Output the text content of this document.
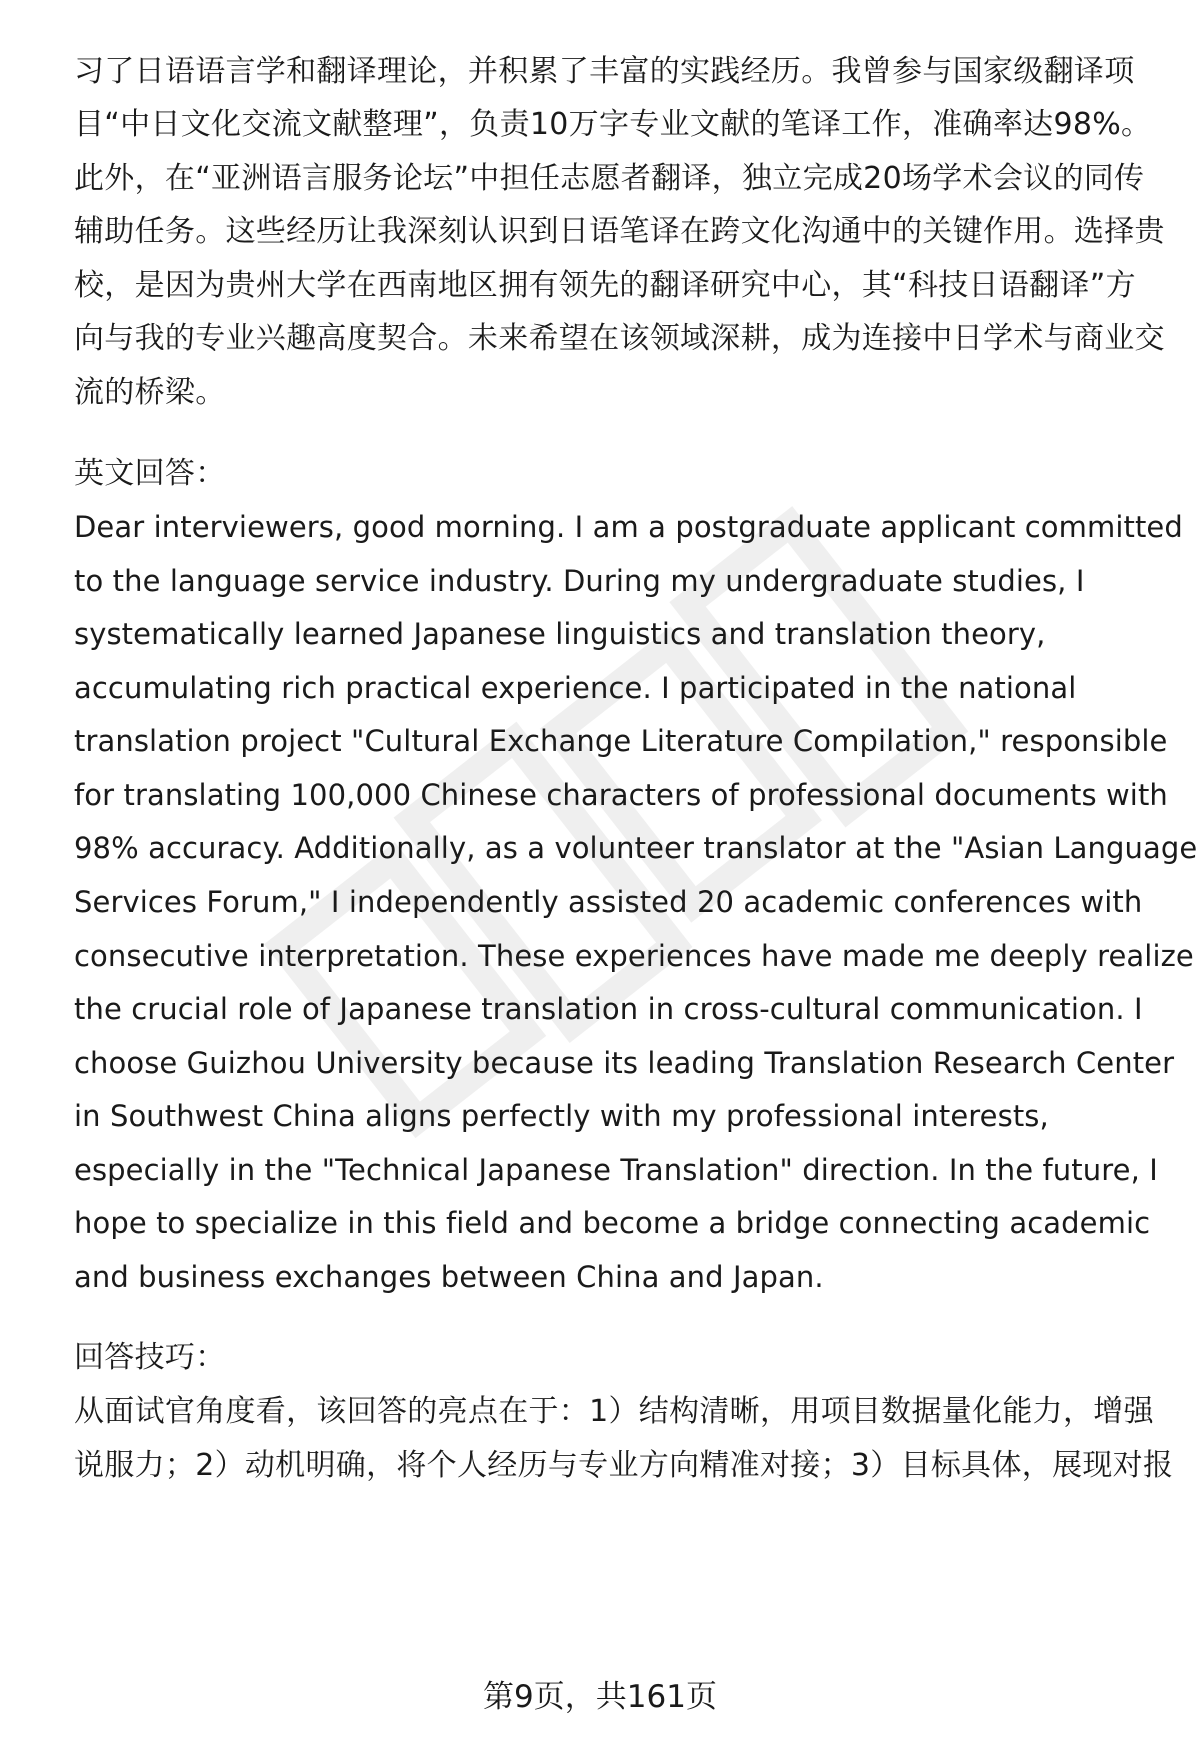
习了日语语言学和翻译理论，并积累了丰富的实践经历。我曾参与国家级翻译项
目“中日文化交流文献整理”，负责10万字专业文献的笔译工作，准确率达98%。
此外，在“亚洲语言服务论坛”中担任志愿者翻译，独立完成20场学术会议的同传
辅助任务。这些经历让我深刻认识到日语笔译在跨文化沟通中的关键作用。选择贵
校，是因为贵州大学在西南地区拥有领先的翻译研究中心，其“科技日语翻译”方
向与我的专业兴趣高度契合。未来希望在该领域深耕，成为连接中日学术与商业交
流的桥梁。
英文回答：
Dear interviewers, good morning. I am a postgraduate applicant committed
to the language service industry. During my undergraduate studies, I
systematically learned Japanese linguistics and translation theory,
accumulating rich practical experience. I participated in the national
translation project "Cultural Exchange Literature Compilation," responsible
for translating 100,000 Chinese characters of professional documents with
98% accuracy. Additionally, as a volunteer translator at the "Asian Language
Services Forum," I independently assisted 20 academic conferences with
consecutive interpretation. These experiences have made me deeply realize
the crucial role of Japanese translation in cross-cultural communication. I
choose Guizhou University because its leading Translation Research Center
in Southwest China aligns perfectly with my professional interests,
especially in the "Technical Japanese Translation" direction. In the future, I
hope to specialize in this field and become a bridge connecting academic
and business exchanges between China and Japan.
回答技巧：
从面试官角度看，该回答的亮点在于：1）结构清晰，用项目数据量化能力，增强
说服力；2）动机明确，将个人经历与专业方向精准对接；3）目标具体，展现对报
第9页，共161页
